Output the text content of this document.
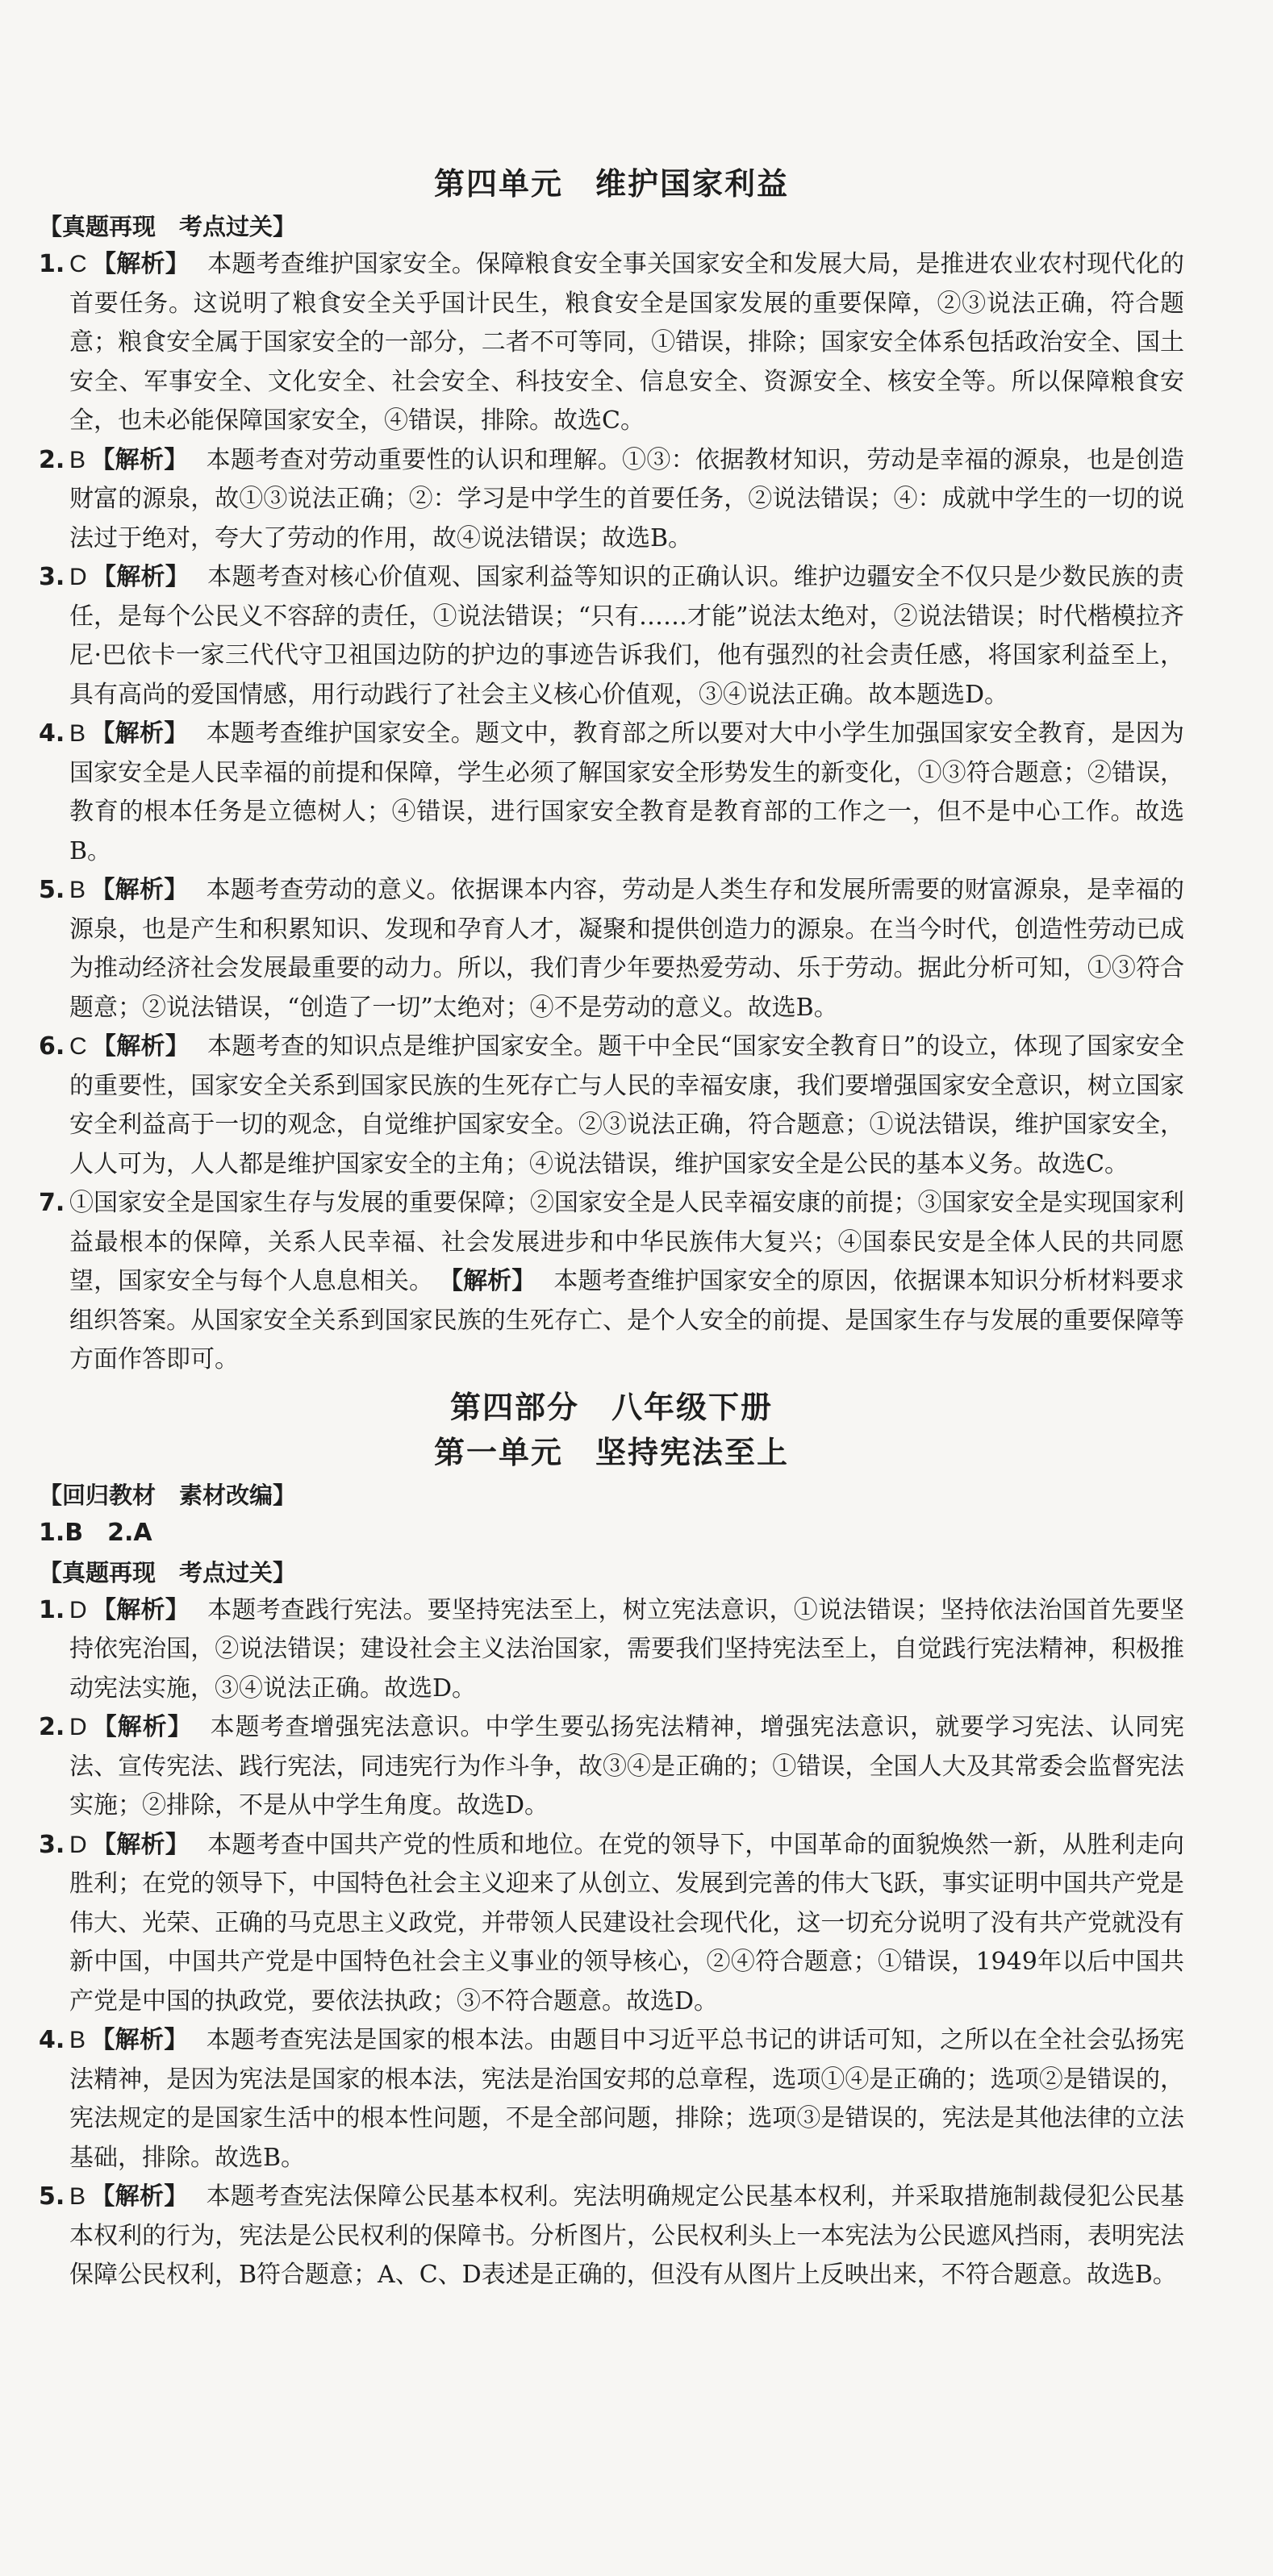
第四单元　维护国家利益
【真题再现　考点过关】
1. C 【解析】 本题考查维护国家安全。保障粮食安全事关国家安全和发展大局，是推进农业农村现代化的首要任务。这说明了粮食安全关乎国计民生，粮食安全是国家发展的重要保障，②③说法正确，符合题意；粮食安全属于国家安全的一部分，二者不可等同，①错误，排除；国家安全体系包括政治安全、国土安全、军事安全、文化安全、社会安全、科技安全、信息安全、资源安全、核安全等。所以保障粮食安全，也未必能保障国家安全，④错误，排除。故选C。
2. B 【解析】 本题考查对劳动重要性的认识和理解。①③：依据教材知识，劳动是幸福的源泉，也是创造财富的源泉，故①③说法正确；②：学习是中学生的首要任务，②说法错误；④：成就中学生的一切的说法过于绝对，夸大了劳动的作用，故④说法错误；故选B。
3. D 【解析】 本题考查对核心价值观、国家利益等知识的正确认识。维护边疆安全不仅只是少数民族的责任，是每个公民义不容辞的责任，①说法错误；“只有……才能”说法太绝对，②说法错误；时代楷模拉齐尼·巴依卡一家三代代守卫祖国边防的护边的事迹告诉我们，他有强烈的社会责任感，将国家利益至上，具有高尚的爱国情感，用行动践行了社会主义核心价值观，③④说法正确。故本题选D。
4. B 【解析】 本题考查维护国家安全。题文中，教育部之所以要对大中小学生加强国家安全教育，是因为国家安全是人民幸福的前提和保障，学生必须了解国家安全形势发生的新变化，①③符合题意；②错误，教育的根本任务是立德树人；④错误，进行国家安全教育是教育部的工作之一，但不是中心工作。故选B。
5. B 【解析】 本题考查劳动的意义。依据课本内容，劳动是人类生存和发展所需要的财富源泉，是幸福的源泉，也是产生和积累知识、发现和孕育人才，凝聚和提供创造力的源泉。在当今时代，创造性劳动已成为推动经济社会发展最重要的动力。所以，我们青少年要热爱劳动、乐于劳动。据此分析可知，①③符合题意；②说法错误，“创造了一切”太绝对；④不是劳动的意义。故选B。
6. C 【解析】 本题考查的知识点是维护国家安全。题干中全民“国家安全教育日”的设立，体现了国家安全的重要性，国家安全关系到国家民族的生死存亡与人民的幸福安康，我们要增强国家安全意识，树立国家安全利益高于一切的观念，自觉维护国家安全。②③说法正确，符合题意；①说法错误，维护国家安全，人人可为，人人都是维护国家安全的主角；④说法错误，维护国家安全是公民的基本义务。故选C。
7. ①国家安全是国家生存与发展的重要保障；②国家安全是人民幸福安康的前提；③国家安全是实现国家利益最根本的保障，关系人民幸福、社会发展进步和中华民族伟大复兴；④国泰民安是全体人民的共同愿望，国家安全与每个人息息相关。 【解析】 本题考查维护国家安全的原因，依据课本知识分析材料要求组织答案。从国家安全关系到国家民族的生死存亡、是个人安全的前提、是国家生存与发展的重要保障等方面作答即可。
第四部分　八年级下册
第一单元　坚持宪法至上
【回归教材　素材改编】
1.B　2.A
【真题再现　考点过关】
1. D 【解析】 本题考查践行宪法。要坚持宪法至上，树立宪法意识，①说法错误；坚持依法治国首先要坚持依宪治国，②说法错误；建设社会主义法治国家，需要我们坚持宪法至上，自觉践行宪法精神，积极推动宪法实施，③④说法正确。故选D。
2. D 【解析】 本题考查增强宪法意识。中学生要弘扬宪法精神，增强宪法意识，就要学习宪法、认同宪法、宣传宪法、践行宪法，同违宪行为作斗争，故③④是正确的；①错误，全国人大及其常委会监督宪法实施；②排除，不是从中学生角度。故选D。
3. D 【解析】 本题考查中国共产党的性质和地位。在党的领导下，中国革命的面貌焕然一新，从胜利走向胜利；在党的领导下，中国特色社会主义迎来了从创立、发展到完善的伟大飞跃，事实证明中国共产党是伟大、光荣、正确的马克思主义政党，并带领人民建设社会现代化，这一切充分说明了没有共产党就没有新中国，中国共产党是中国特色社会主义事业的领导核心，②④符合题意；①错误，1949年以后中国共产党是中国的执政党，要依法执政；③不符合题意。故选D。
4. B 【解析】 本题考查宪法是国家的根本法。由题目中习近平总书记的讲话可知，之所以在全社会弘扬宪法精神，是因为宪法是国家的根本法，宪法是治国安邦的总章程，选项①④是正确的；选项②是错误的，宪法规定的是国家生活中的根本性问题，不是全部问题，排除；选项③是错误的，宪法是其他法律的立法基础，排除。故选B。
5. B 【解析】 本题考查宪法保障公民基本权利。宪法明确规定公民基本权利，并采取措施制裁侵犯公民基本权利的行为，宪法是公民权利的保障书。分析图片，公民权利头上一本宪法为公民遮风挡雨，表明宪法保障公民权利，B符合题意；A、C、D表述是正确的，但没有从图片上反映出来，不符合题意。故选B。
